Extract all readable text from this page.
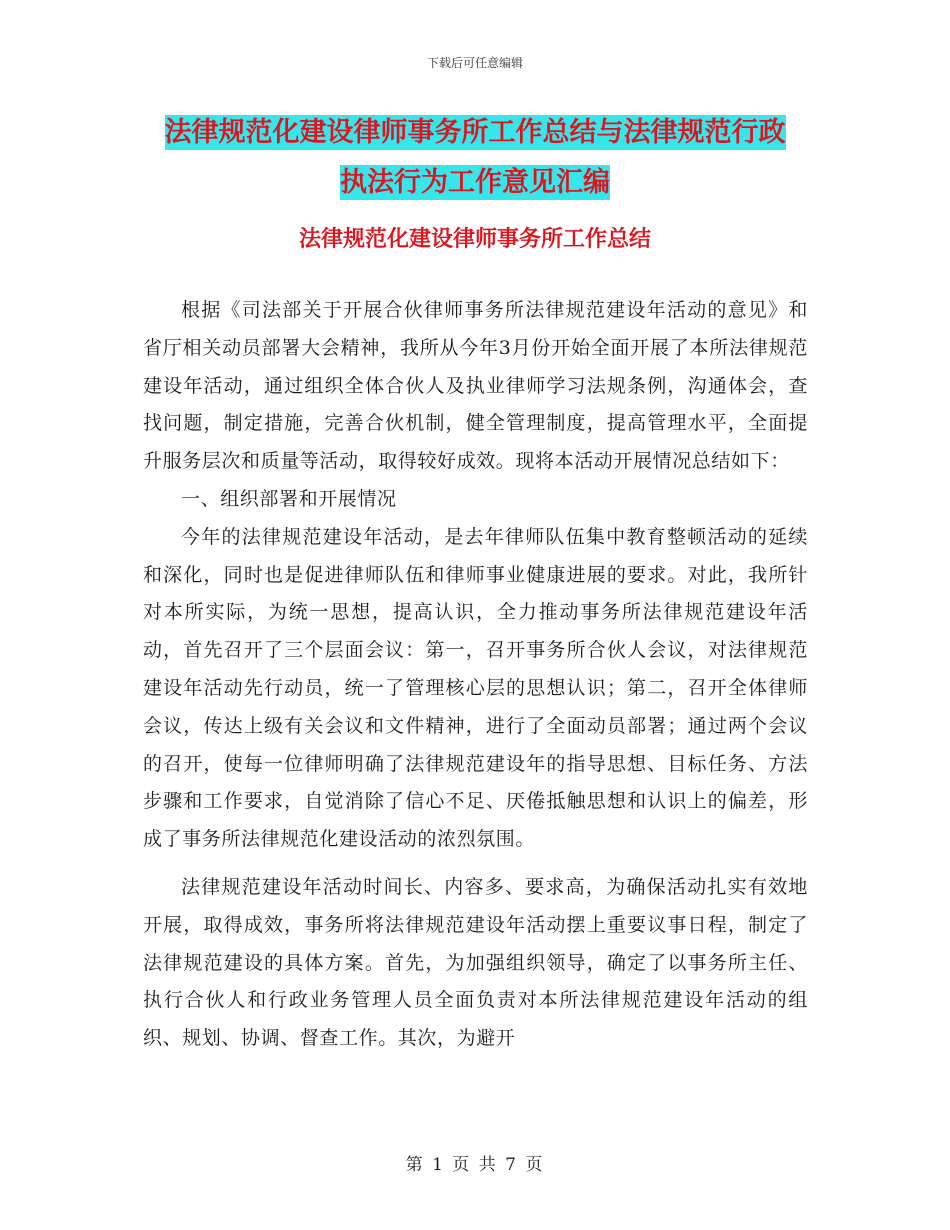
下载后可任意编辑
法律规范化建设律师事务所工作总结与法律规范行政
执法行为工作意见汇编
法律规范化建设律师事务所工作总结

根据《司法部关于开展合伙律师事务所法律规范建设年活动的意见》和省厅相关动员部署大会精神，我所从今年3月份开始全面开展了本所法律规范建设年活动，通过组织全体合伙人及执业律师学习法规条例，沟通体会，查找问题，制定措施，完善合伙机制，健全管理制度，提高管理水平，全面提升服务层次和质量等活动，取得较好成效。现将本活动开展情况总结如下：

一、组织部署和开展情况

今年的法律规范建设年活动，是去年律师队伍集中教育整顿活动的延续和深化，同时也是促进律师队伍和律师事业健康进展的要求。对此，我所针对本所实际，为统一思想，提高认识，全力推动事务所法律规范建设年活动，首先召开了三个层面会议：第一，召开事务所合伙人会议，对法律规范建设年活动先行动员，统一了管理核心层的思想认识；第二，召开全体律师会议，传达上级有关会议和文件精神，进行了全面动员部署；通过两个会议的召开，使每一位律师明确了法律规范建设年的指导思想、目标任务、方法步骤和工作要求，自觉消除了信心不足、厌倦抵触思想和认识上的偏差，形成了事务所法律规范化建设活动的浓烈氛围。

法律规范建设年活动时间长、内容多、要求高，为确保活动扎实有效地开展，取得成效，事务所将法律规范建设年活动摆上重要议事日程，制定了法律规范建设的具体方案。首先，为加强组织领导，确定了以事务所主任、执行合伙人和行政业务管理人员全面负责对本所法律规范建设年活动的组织、规划、协调、督查工作。其次，为避开

第 1 页 共 7 页
